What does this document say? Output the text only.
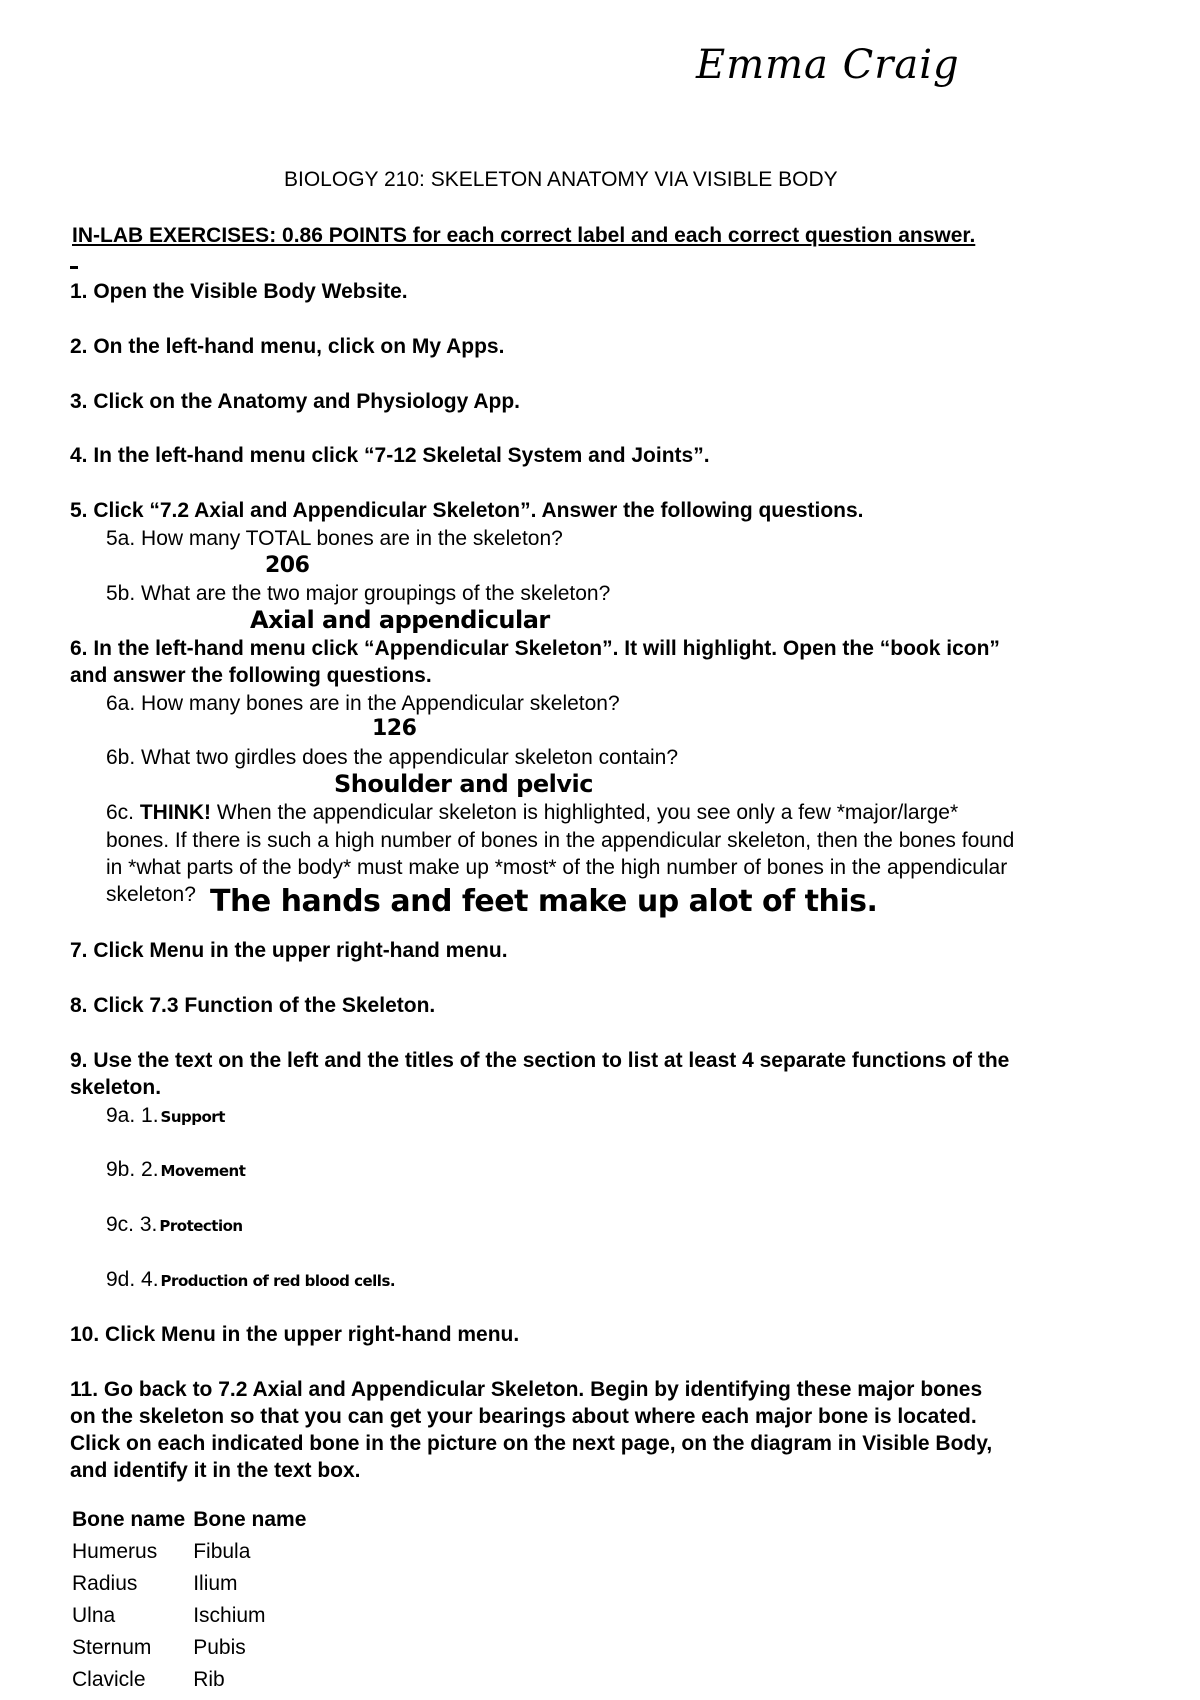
Emma Craig
BIOLOGY 210: SKELETON ANATOMY VIA VISIBLE BODY
IN-LAB EXERCISES: 0.86 POINTS for each correct label and each correct question answer.
1. Open the Visible Body Website.
2. On the left-hand menu, click on My Apps.
3. Click on the Anatomy and Physiology App.
4. In the left-hand menu click “7-12 Skeletal System and Joints”.
5. Click “7.2 Axial and Appendicular Skeleton”. Answer the following questions.
5a. How many TOTAL bones are in the skeleton?
206
5b. What are the two major groupings of the skeleton?
Axial and appendicular
6. In the left-hand menu click “Appendicular Skeleton”. It will highlight. Open the “book icon”
and answer the following questions.
6a. How many bones are in the Appendicular skeleton?
126
6b. What two girdles does the appendicular skeleton contain?
Shoulder and pelvic
6c. THINK! When the appendicular skeleton is highlighted, you see only a few *major/large*
bones. If there is such a high number of bones in the appendicular skeleton, then the bones found
in *what parts of the body* must make up *most* of the high number of bones in the appendicular
skeleton? The hands and feet make up alot of this.
7. Click Menu in the upper right-hand menu.
8. Click 7.3 Function of the Skeleton.
9. Use the text on the left and the titles of the section to list at least 4 separate functions of the
skeleton.
9a. 1. Support
9b. 2. Movement
9c. 3. Protection
9d. 4. Production of red blood cells.
10. Click Menu in the upper right-hand menu.
11. Go back to 7.2 Axial and Appendicular Skeleton. Begin by identifying these major bones
on the skeleton so that you can get your bearings about where each major bone is located.
Click on each indicated bone in the picture on the next page, on the diagram in Visible Body,
and identify it in the text box.
Bone name	Bone name
Humerus	Fibula
Radius	Ilium
Ulna	Ischium
Sternum	Pubis
Clavicle	Rib
